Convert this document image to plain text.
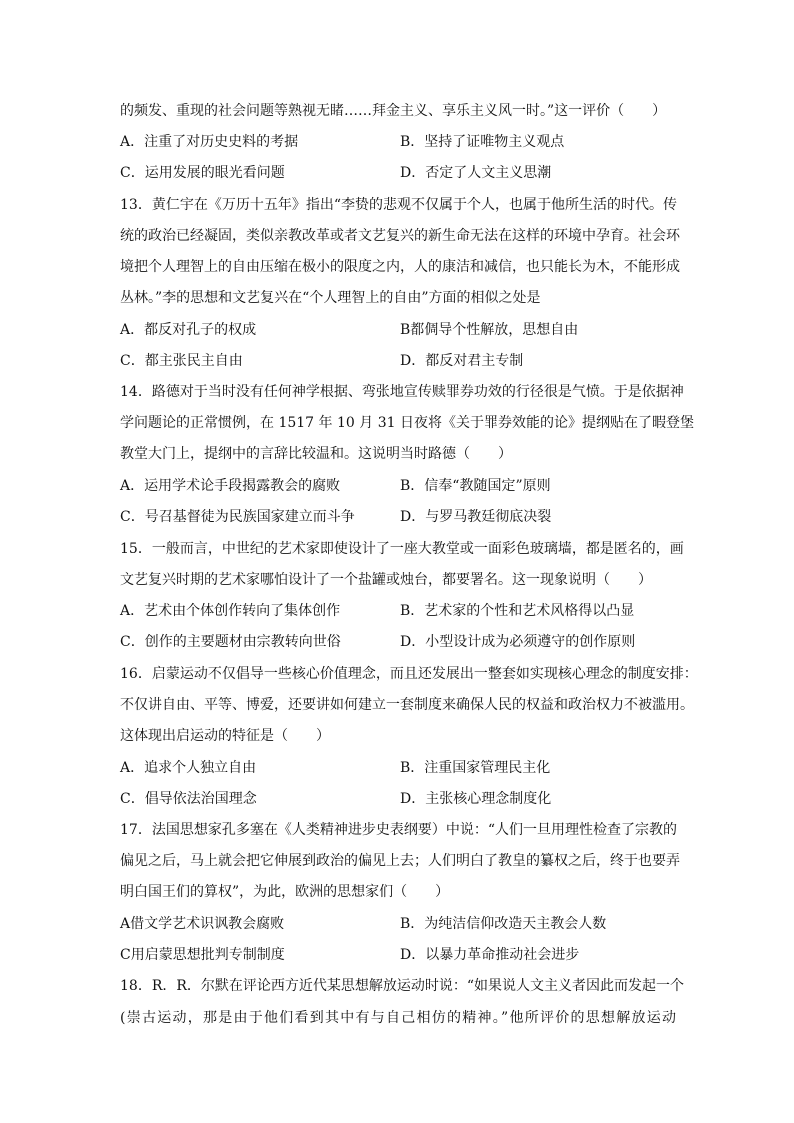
的频发、重现的社会问题等熟视无睹……拜金主义、享乐主义风一时。”这一评价（　　）
A．注重了对历史史料的考据	B．坚持了证唯物主义观点
C．运用发展的眼光看问题	D．否定了人文主义思潮
13．黄仁宇在《万历十五年》指出“李贽的悲观不仅属于个人，也属于他所生活的时代。传
统的政治已经凝固，类似亲教改革或者文艺复兴的新生命无法在这样的环境中孕育。社会环
境把个人理智上的自由压缩在极小的限度之内，人的康洁和减信，也只能长为木，不能形成
丛林。”李的思想和文艺复兴在“个人理智上的自由”方面的相似之处是
A．都反对孔子的权成	B都倜导个性解放，思想自由
C．都主张民主自由	D．都反对君主专制
14．路德对于当时没有任何神学根据、弯张地宣传赎罪券功效的行径很是气愤。于是依据神
学问题论的正常惯例，在 1517 年 10 月 31 日夜将《关于罪券效能的论》提纲贴在了暇登堡
教堂大门上，提纲中的言辞比较温和。这说明当时路德（　　）
A．运用学术论手段揭露教会的腐败	B．信奉“教随国定”原则
C．号召基督徒为民族国家建立而斗争	D．与罗马教廷彻底决裂
15．一般而言，中世纪的艺术家即使设计了一座大教堂或一面彩色玻璃墙，都是匿名的，画
文艺复兴时期的艺术家哪怕设计了一个盐罐或烛台，都要署名。这一现象说明（　　）
A．艺术由个体创作转向了集体创作	B．艺术家的个性和艺术风格得以凸显
C．创作的主要题材由宗教转向世俗	D．小型设计成为必须遵守的创作原则
16．启蒙运动不仅倡导一些核心价值理念，而且还发展出一整套如实现核心理念的制度安排：
不仅讲自由、平等、博爱，还要讲如何建立一套制度来确保人民的权益和政治权力不被滥用。
这体现出启运动的特征是（　　）
A．追求个人独立自由	B．注重国家管理民主化
C．倡导依法治国理念	D．主张核心理念制度化
17．法国思想家孔多塞在《人类精神进步史表纲要）中说：“人们一旦用理性检查了宗教的
偏见之后，马上就会把它伸展到政治的偏见上去；人们明白了教皇的纂权之后，终于也要弄
明白国王们的算权”，为此，欧洲的思想家们（　　）
A借文学艺术识讽教会腐败	B．为纯洁信仰改造天主教会人数
C用启蒙思想批判专制制度	D．以暴力革命推动社会进步
18．R．R．尔默在评论西方近代某思想解放运动时说：“如果说人文主义者因此而发起一个
(崇古运动，那是由于他们看到其中有与自己相仿的精神。”他所评价的思想解放运动
